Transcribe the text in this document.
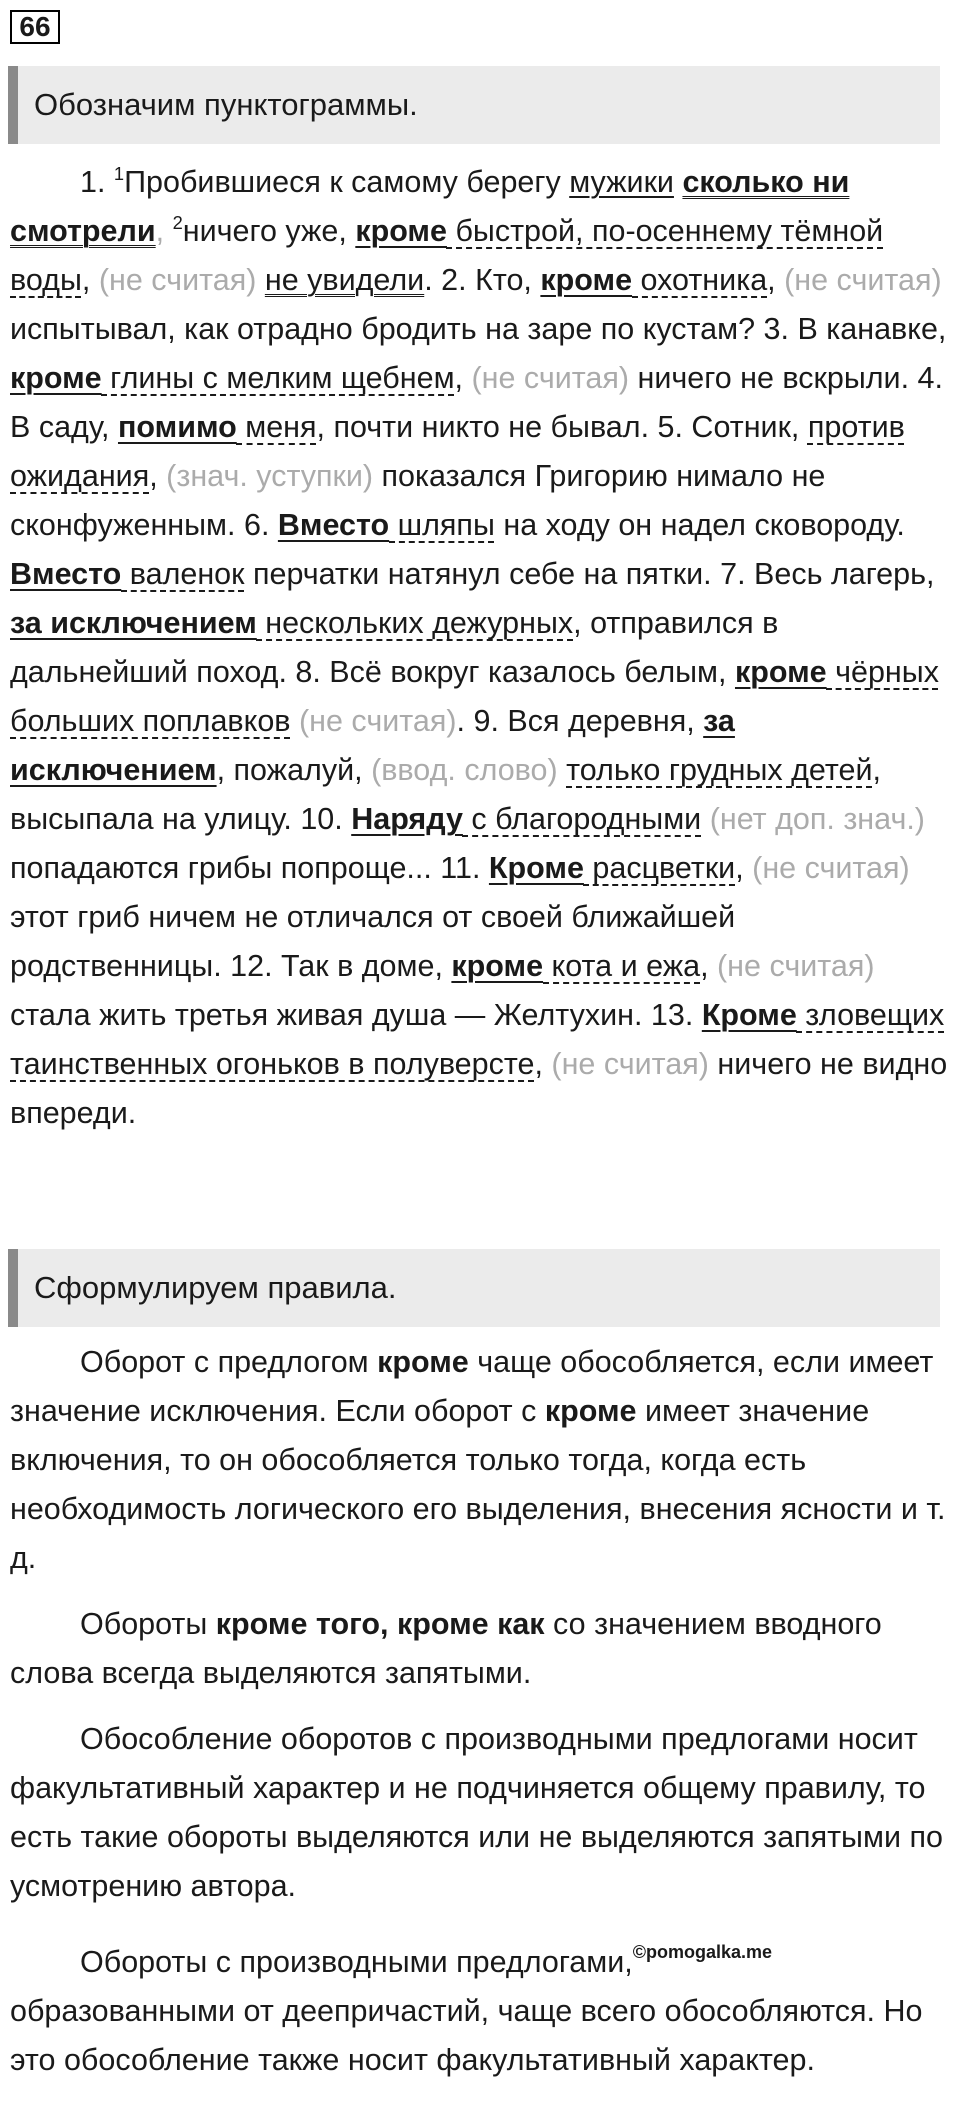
66
Обозначим пунктограммы.

1. $^1$Пробившиеся к самому берегу мужики сколько ни смотрели, $^2$ничего уже, кроме быстрой, по-осеннему тёмной воды, (не считая) не увидели. 2. Кто, кроме охотника, (не считая) испытывал, как отрадно бродить на заре по кустам? 3. В канавке, кроме глины с мелким щебнем, (не считая) ничего не вскрыли. 4. В саду, помимо меня, почти никто не бывал. 5. Сотник, против ожидания, (знач. уступки) показался Григорию нимало не сконфуженным. 6. Вместо шляпы на ходу он надел сковороду. Вместо валенок перчатки натянул себе на пятки. 7. Весь лагерь, за исключением нескольких дежурных, отправился в дальнейший поход. 8. Всё вокруг казалось белым, кроме чёрных больших поплавков (не считая). 9. Вся деревня, за исключением, пожалуй, (ввод. слово) только грудных детей, высыпала на улицу. 10. Наряду с благородными (нет доп. знач.) попадаются грибы попроще... 11. Кроме расцветки, (не считая) этот гриб ничем не отличался от своей ближайшей родственницы. 12. Так в доме, кроме кота и ежа, (не считая) стала жить третья живая душа — Желтухин. 13. Кроме зловещих таинственных огоньков в полуверсте, (не считая) ничего не видно впереди.

Сформулируем правила.

Оборот с предлогом кроме чаще обособляется, если имеет значение исключения. Если оборот с кроме имеет значение включения, то он обособляется только тогда, когда есть необходимость логического его выделения, внесения ясности и т. д.

Обороты кроме того, кроме как со значением вводного слова всегда выделяются запятыми.

Обособление оборотов с производными предлогами носит факультативный характер и не подчиняется общему правилу, то есть такие обороты выделяются или не выделяются запятыми по усмотрению автора.

Обороты с производными предлогами,$^{©pomogalka.me}$ образованными от деепричастий, чаще всего обособляются. Но это обособление также носит факультативный характер.
